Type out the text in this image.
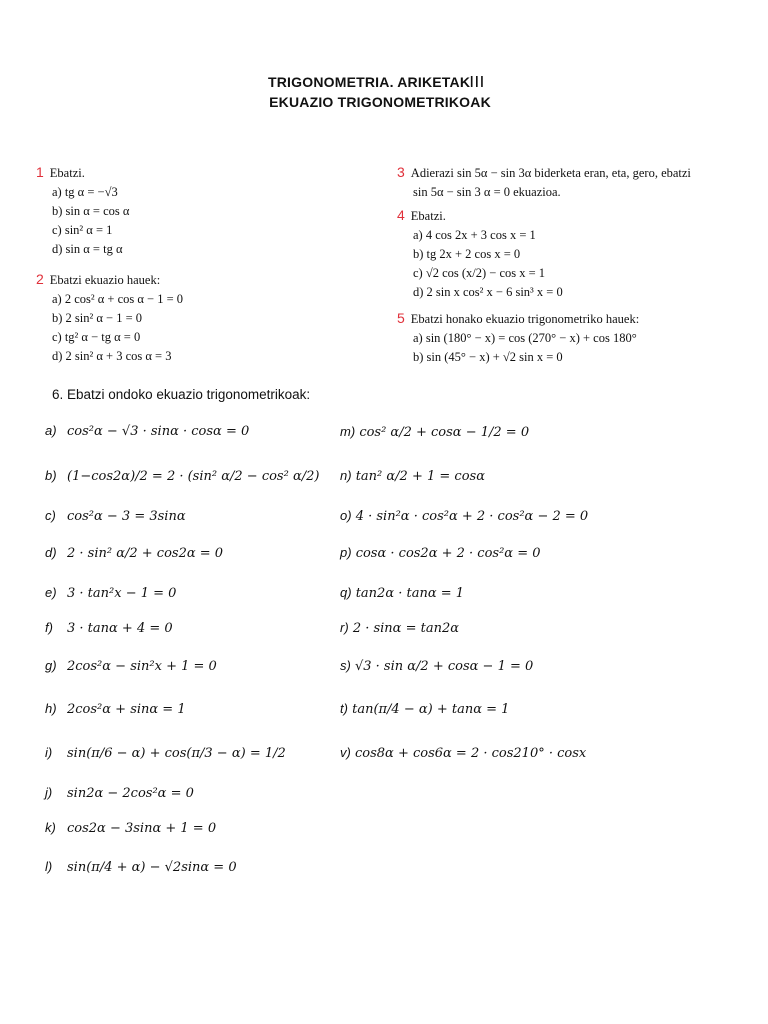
TRIGONOMETRIA. ARIKETAKIII
EKUAZIO TRIGONOMETRIKOAK
1 Ebatzi.
a) tg α = −√3
b) sin α = cos α
c) sin² α = 1
d) sin α = tg α
2 Ebatzi ekuazio hauek:
a) 2 cos² α + cos α − 1 = 0
b) 2 sin² α − 1 = 0
c) tg² α − tg α = 0
d) 2 sin² α + 3 cos α = 3
3 Adierazi sin 5α − sin 3α biderketa eran, eta, gero, ebatzi
sin 5α − sin 3 α = 0 ekuazioa.
4 Ebatzi.
a) 4 cos 2x + 3 cos x = 1
b) tg 2x + 2 cos x = 0
c) √2 cos (x/2) − cos x = 1
d) 2 sin x cos² x − 6 sin³ x = 0
5 Ebatzi honako ekuazio trigonometriko hauek:
a) sin (180° − x) = cos (270° − x) + cos 180°
b) sin (45° − x) + √2 sin x = 0
6. Ebatzi ondoko ekuazio trigonometrikoak:
a) cos²α − √3 · sinα · cosα = 0
b) (1−cos2α)/2 = 2 · (sin² α/2 − cos² α/2)
c) cos²α − 3 = 3sinα
d) 2 · sin² α/2 + cos2α = 0
e) 3 · tan²x − 1 = 0
f) 3 · tanα + 4 = 0
g) 2cos²α − sin²x + 1 = 0
h) 2cos²α + sinα = 1
i) sin(π/6 − α) + cos(π/3 − α) = 1/2
j) sin2α − 2cos²α = 0
k) cos2α − 3sinα + 1 = 0
l) sin(π/4 + α) − √2sinα = 0
m) cos² α/2 + cosα − 1/2 = 0
n) tan² α/2 + 1 = cosα
o) 4 · sin²α · cos²α + 2 · cos²α − 2 = 0
p) cosα · cos2α + 2 · cos²α = 0
q) tan2α · tanα = 1
r) 2 · sinα = tan2α
s) √3 · sin α/2 + cosα − 1 = 0
t) tan(π/4 − α) + tanα = 1
v) cos8α + cos6α = 2 · cos210° · cosx
